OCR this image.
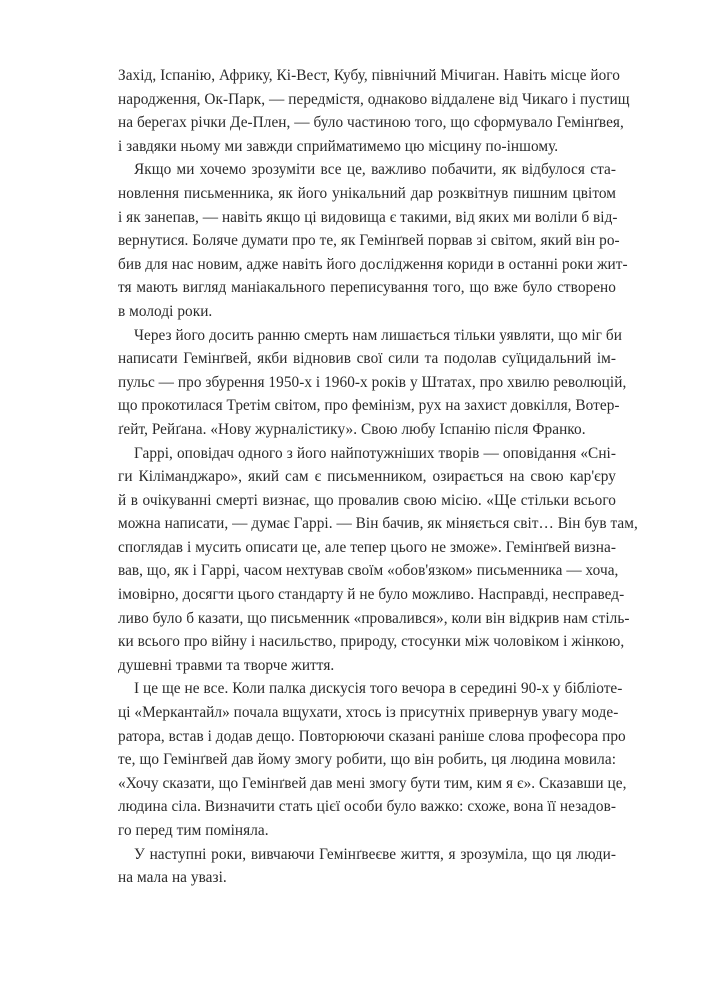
Захід, Іспанію, Африку, Кі-Вест, Кубу, північний Мічиган. Навіть місце його
народження, Ок-Парк, — передмістя, однаково віддалене від Чикаго і пустищ
на берегах річки Де-Плен, — було частиною того, що сформувало Гемінґвея,
і завдяки ньому ми завжди сприйматимемо цю місцину по-іншому.
Якщо ми хочемо зрозуміти все це, важливо побачити, як відбулося ста-
новлення письменника, як його унікальний дар розквітнув пишним цвітом
і як занепав, — навіть якщо ці видовища є такими, від яких ми воліли б від-
вернутися. Боляче думати про те, як Гемінґвей порвав зі світом, який він ро-
бив для нас новим, адже навіть його дослідження кориди в останні роки жит-
тя мають вигляд маніакального переписування того, що вже було створено
в молоді роки.
Через його досить ранню смерть нам лишається тільки уявляти, що міг би
написати Гемінґвей, якби відновив свої сили та подолав суїцидальний ім-
пульс — про збурення 1950-х і 1960-х років у Штатах, про хвилю революцій,
що прокотилася Третім світом, про фемінізм, рух на захист довкілля, Вотер-
ґейт, Рейґана. «Нову журналістику». Свою любу Іспанію після Франко.
Гаррі, оповідач одного з його найпотужніших творів — оповідання «Сні-
ги Кіліманджаро», який сам є письменником, озирається на свою кар'єру
й в очікуванні смерті визнає, що провалив свою місію. «Ще стільки всього
можна написати, — думає Гаррі. — Він бачив, як міняється світ… Він був там,
споглядав і мусить описати це, але тепер цього не зможе». Гемінґвей визна-
вав, що, як і Гаррі, часом нехтував своїм «обов'язком» письменника — хоча,
імовірно, досягти цього стандарту й не було можливо. Насправді, несправед-
ливо було б казати, що письменник «провалився», коли він відкрив нам стіль-
ки всього про війну і насильство, природу, стосунки між чоловіком і жінкою,
душевні травми та творче життя.
І це ще не все. Коли палка дискусія того вечора в середині 90-х у бібліоте-
ці «Меркантайл» почала вщухати, хтось із присутніх привернув увагу моде-
ратора, встав і додав дещо. Повторюючи сказані раніше слова професора про
те, що Гемінґвей дав йому змогу робити, що він робить, ця людина мовила:
«Хочу сказати, що Гемінґвей дав мені змогу бути тим, ким я є». Сказавши це,
людина сіла. Визначити стать цієї особи було важко: схоже, вона її незадов-
го перед тим поміняла.
У наступні роки, вивчаючи Гемінґвеєве життя, я зрозуміла, що ця люди-
на мала на увазі.
